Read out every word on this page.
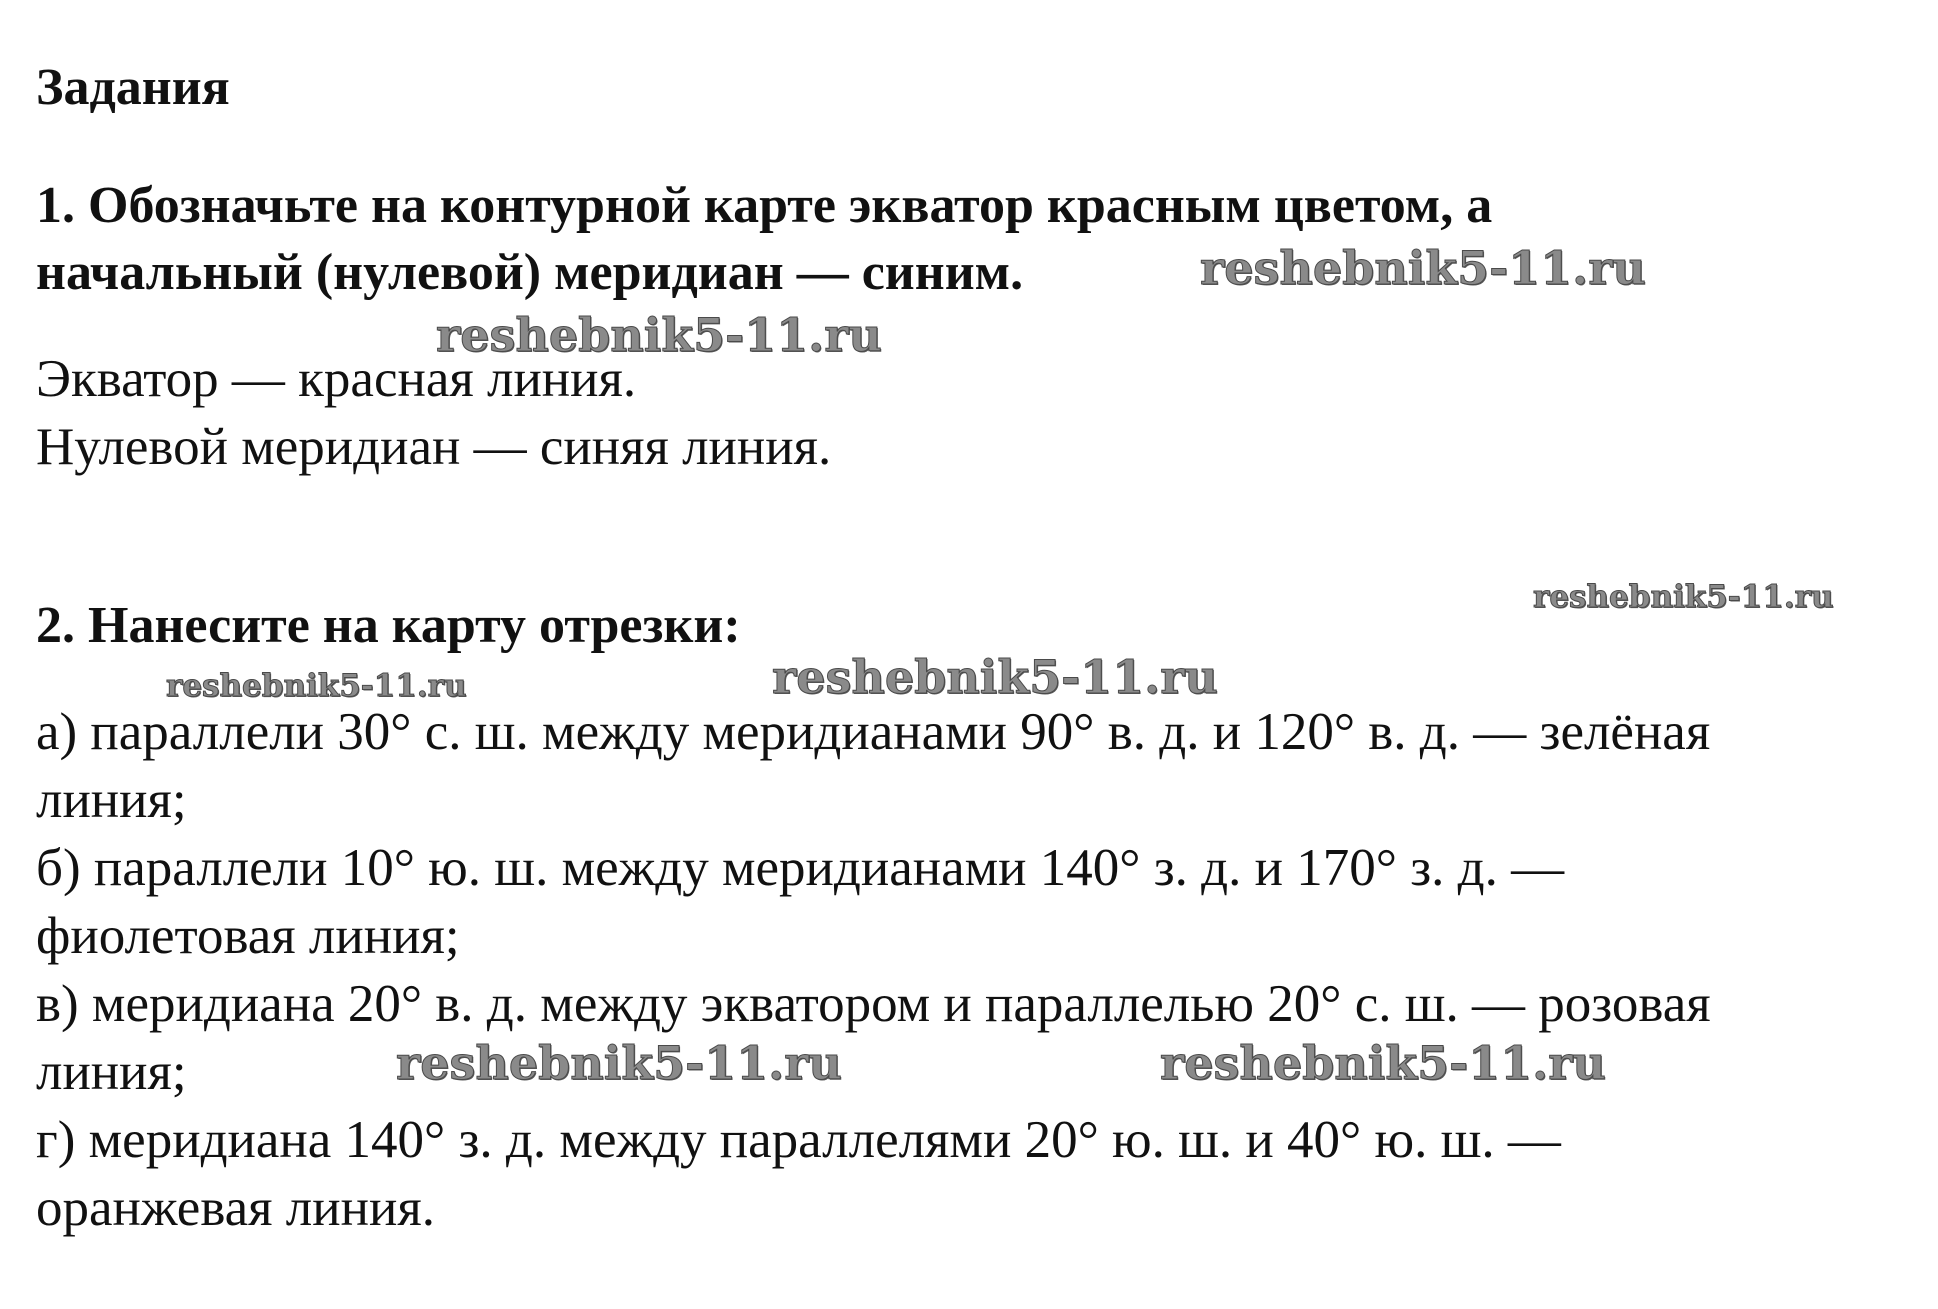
Задания
1. Обозначьте на контурной карте экватор красным цветом, а
начальный (нулевой) меридиан — синим.
Экватор — красная линия.
Нулевой меридиан — синяя линия.
2. Нанесите на карту отрезки:
а) параллели 30° с. ш. между меридианами 90° в. д. и 120° в. д. — зелёная
линия;
б) параллели 10° ю. ш. между меридианами 140° з. д. и 170° з. д. —
фиолетовая линия;
в) меридиана 20° в. д. между экватором и параллелью 20° с. ш. — розовая
линия;
г) меридиана 140° з. д. между параллелями 20° ю. ш. и 40° ю. ш. —
оранжевая линия.
reshebnik5-11.ru
reshebnik5-11.ru
reshebnik5-11.ru
reshebnik5-11.ru	reshebnik5-11.ru
reshebnik5-11.ru	reshebnik5-11.ru
